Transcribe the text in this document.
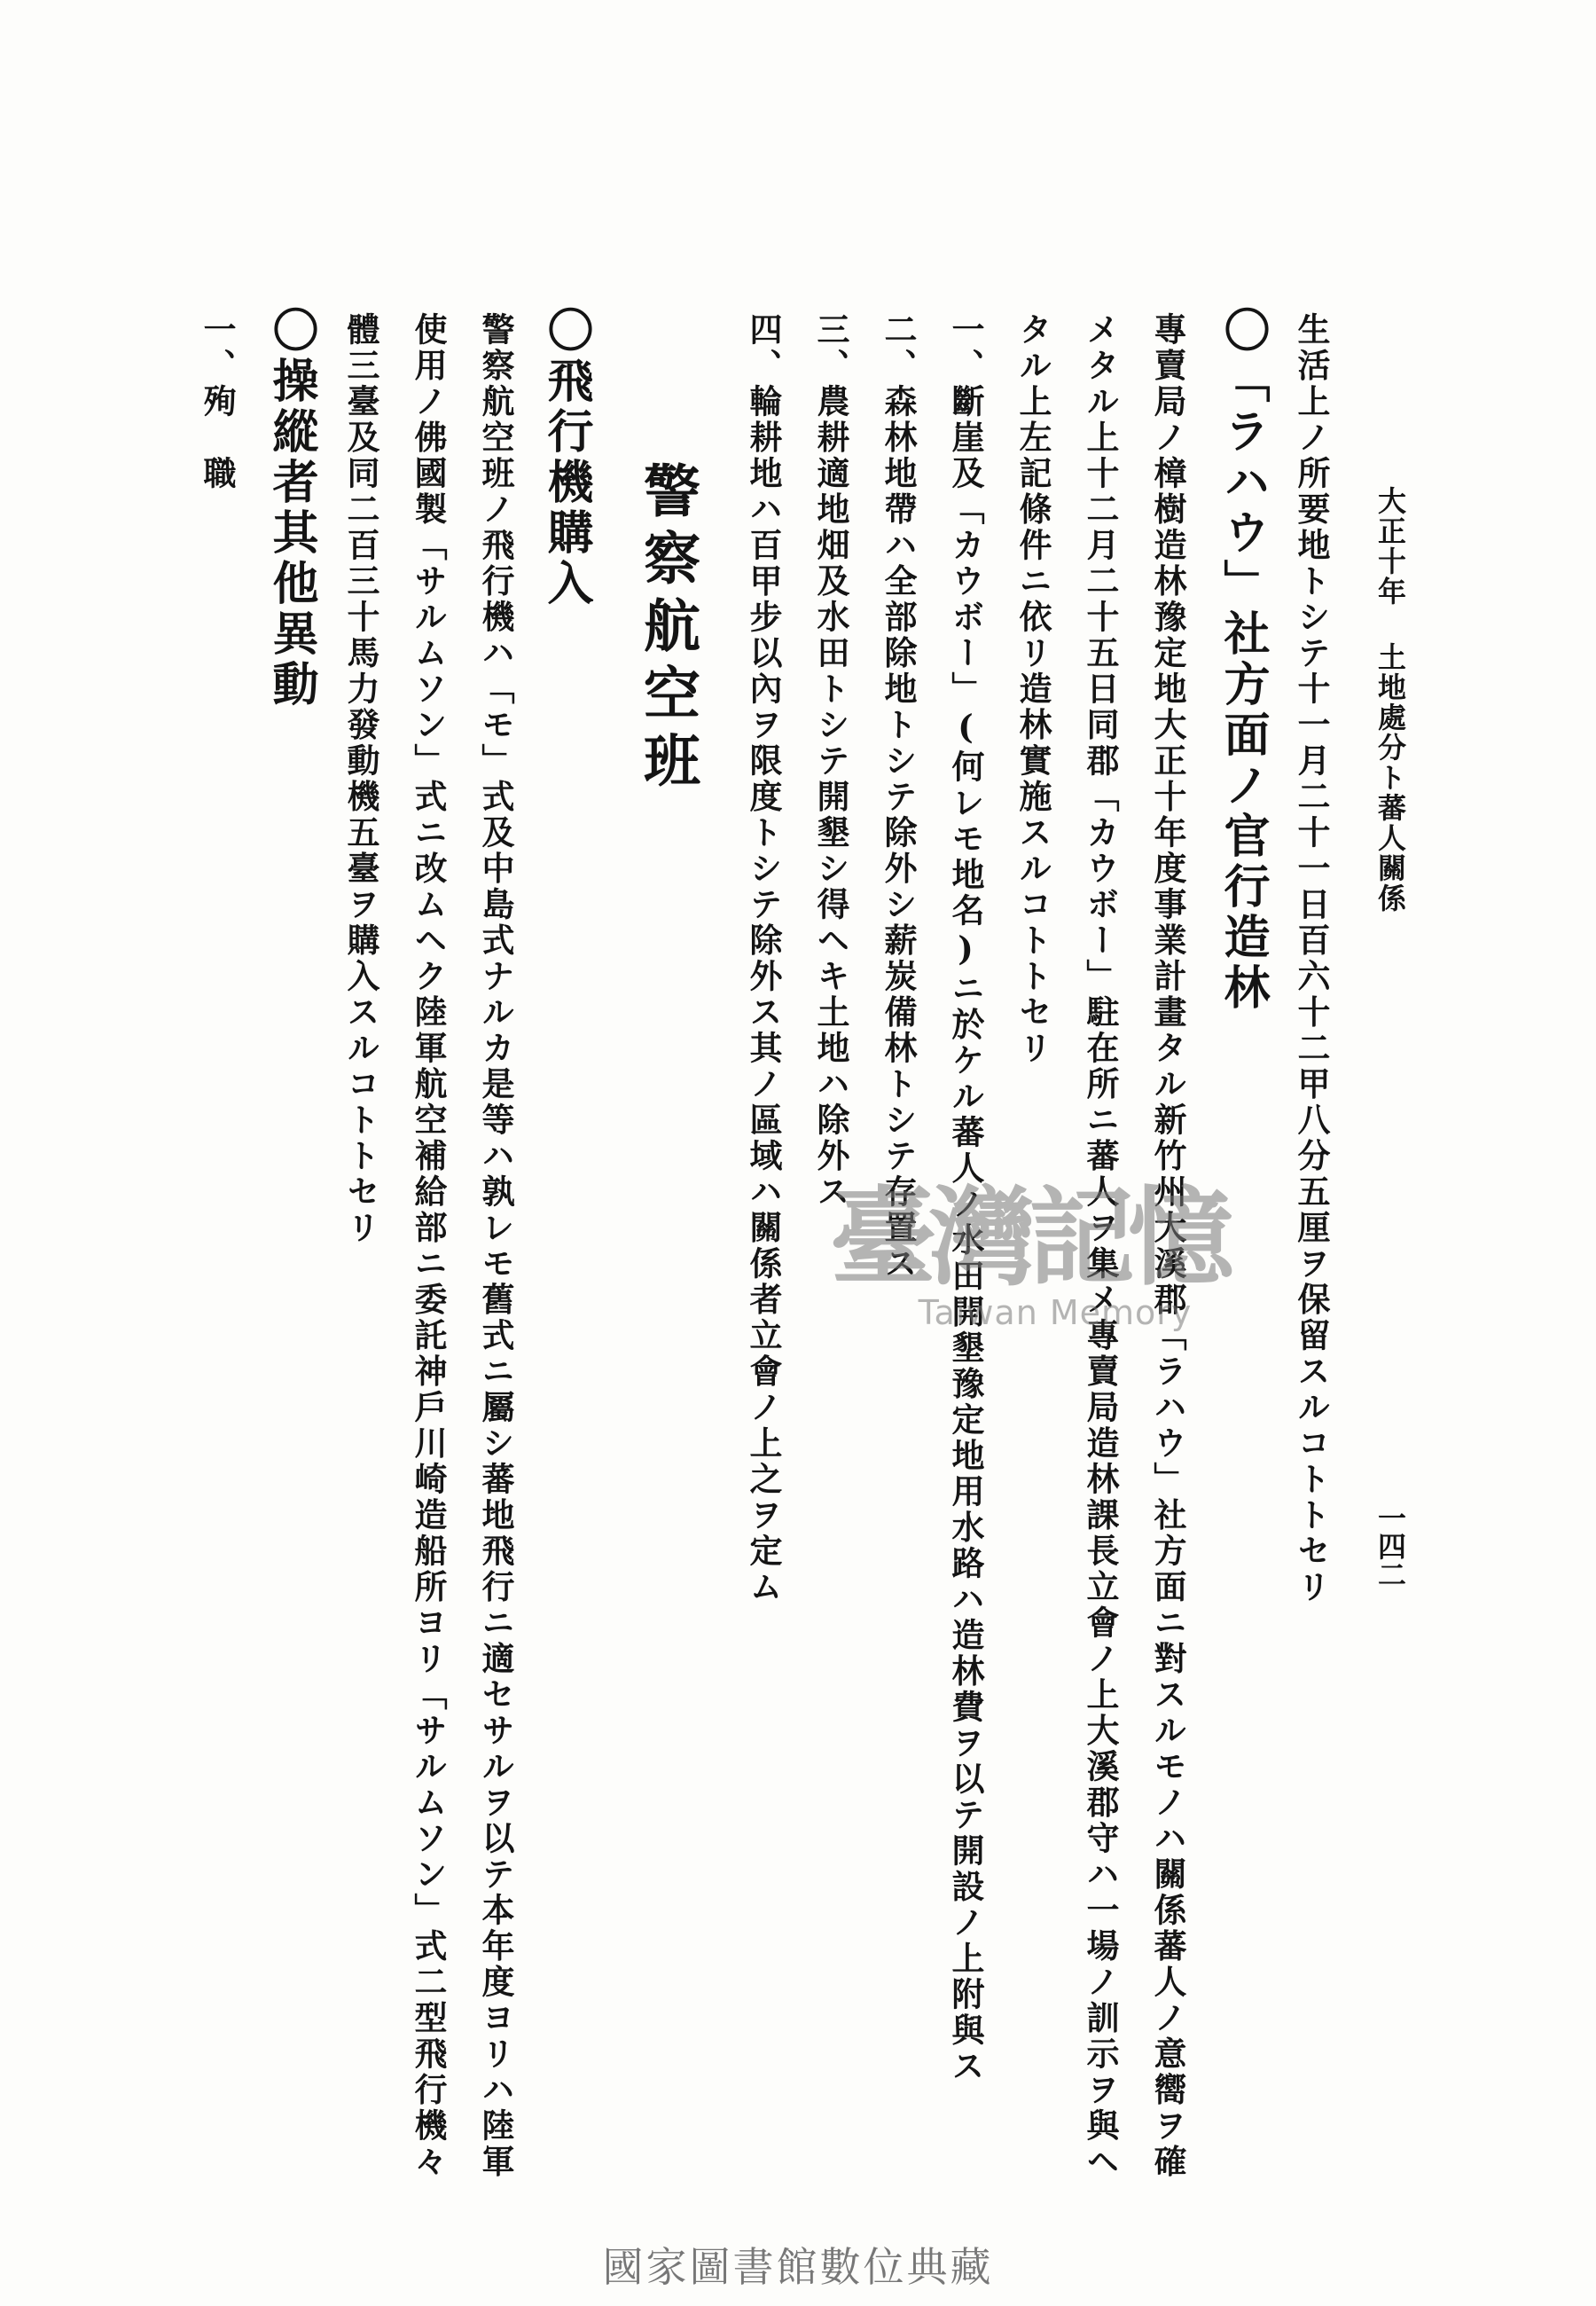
大正十年 土地處分ト蕃人關係
一四二
生活上ノ所要地トシテ十一月二十一日百六十二甲八分五厘ヲ保留スルコトトセリ
〇「ラハウ」社方面ノ官行造林
專賣局ノ樟樹造林豫定地大正十年度事業計畫タル新竹州大溪郡「ラハウ」社方面ニ對スルモノハ關係蕃人ノ意嚮ヲ確
メタル上十二月二十五日同郡「カウボー」駐在所ニ蕃人ヲ集メ專賣局造林課長立會ノ上大溪郡守ハ一場ノ訓示ヲ與ヘ
タル上左記條件ニ依リ造林實施スルコトトセリ
一、斷崖及「カウボー」(何レモ地名)ニ於ケル蕃人ノ水田開墾豫定地用水路ハ造林費ヲ以テ開設ノ上附與ス
二、森林地帶ハ全部除地トシテ除外シ薪炭備林トシテ存置ス
三、農耕適地畑及水田トシテ開墾シ得ヘキ土地ハ除外ス
四、輪耕地ハ百甲步以內ヲ限度トシテ除外ス其ノ區域ハ關係者立會ノ上之ヲ定ム
警察航空班
〇飛行機購入
警察航空班ノ飛行機ハ「モ」式及中島式ナルカ是等ハ孰レモ舊式ニ屬シ蕃地飛行ニ適セサルヲ以テ本年度ヨリハ陸軍
使用ノ佛國製「サルムソン」式ニ改ムヘク陸軍航空補給部ニ委託神戶川崎造船所ヨリ「サルムソン」式二型飛行機々
體三臺及同二百三十馬力發動機五臺ヲ購入スルコトトセリ
〇操縱者其他異動
一、殉　職
臺灣記憶
Taiwan Memory
國家圖書館數位典藏
